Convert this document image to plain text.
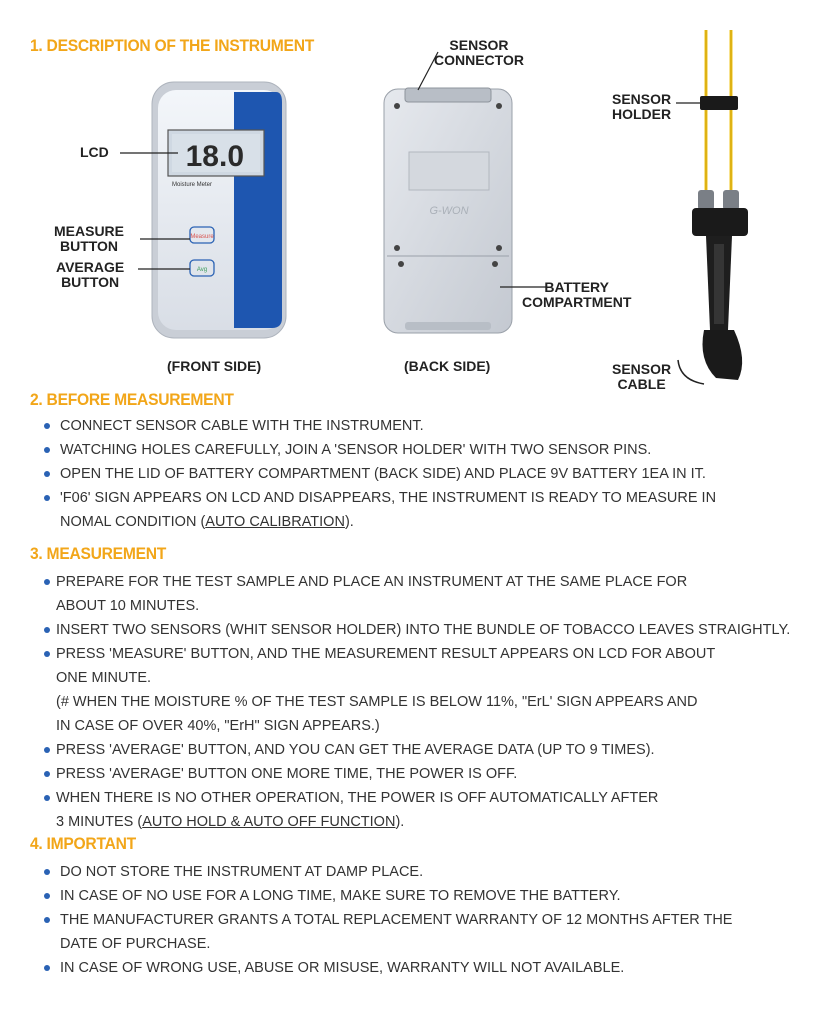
1. DESCRIPTION OF THE INSTRUMENT
18.0
Moisture Meter
Measure
Avg
LCD
MEASURE
BUTTON
AVERAGE
BUTTON
(FRONT SIDE)
G-WON
SENSOR
CONNECTOR
BATTERY
COMPARTMENT
(BACK SIDE)
SENSOR
HOLDER
SENSOR
CABLE
2. BEFORE MEASUREMENT
CONNECT SENSOR CABLE WITH THE INSTRUMENT.
WATCHING HOLES CAREFULLY, JOIN A 'SENSOR HOLDER' WITH TWO SENSOR PINS.
OPEN THE LID OF BATTERY COMPARTMENT (BACK SIDE) AND PLACE 9V BATTERY 1EA IN IT.
'F06' SIGN APPEARS ON LCD AND DISAPPEARS, THE INSTRUMENT IS READY TO MEASURE IN
NOMAL CONDITION (AUTO CALIBRATION).
3. MEASUREMENT
PREPARE FOR THE TEST SAMPLE AND PLACE AN INSTRUMENT AT THE SAME PLACE FOR
ABOUT 10 MINUTES.
INSERT TWO SENSORS (WHIT SENSOR HOLDER) INTO THE BUNDLE OF TOBACCO LEAVES STRAIGHTLY.
PRESS 'MEASURE' BUTTON, AND THE MEASUREMENT RESULT APPEARS ON LCD FOR ABOUT
ONE MINUTE.
(# WHEN THE MOISTURE % OF THE TEST SAMPLE IS BELOW 11%, "ErL' SIGN APPEARS AND
IN CASE OF OVER 40%, "ErH" SIGN APPEARS.)
PRESS 'AVERAGE' BUTTON, AND YOU CAN GET THE AVERAGE DATA (UP TO 9 TIMES).
PRESS 'AVERAGE' BUTTON ONE MORE TIME, THE POWER IS OFF.
WHEN THERE IS NO OTHER OPERATION, THE POWER IS OFF AUTOMATICALLY AFTER
3 MINUTES (AUTO HOLD & AUTO OFF FUNCTION).
4. IMPORTANT
DO NOT STORE THE INSTRUMENT AT DAMP PLACE.
IN CASE OF NO USE FOR A LONG TIME, MAKE SURE TO REMOVE THE BATTERY.
THE MANUFACTURER GRANTS A TOTAL REPLACEMENT WARRANTY OF 12 MONTHS AFTER THE
DATE OF PURCHASE.
IN CASE OF WRONG USE, ABUSE OR MISUSE, WARRANTY WILL NOT AVAILABLE.
